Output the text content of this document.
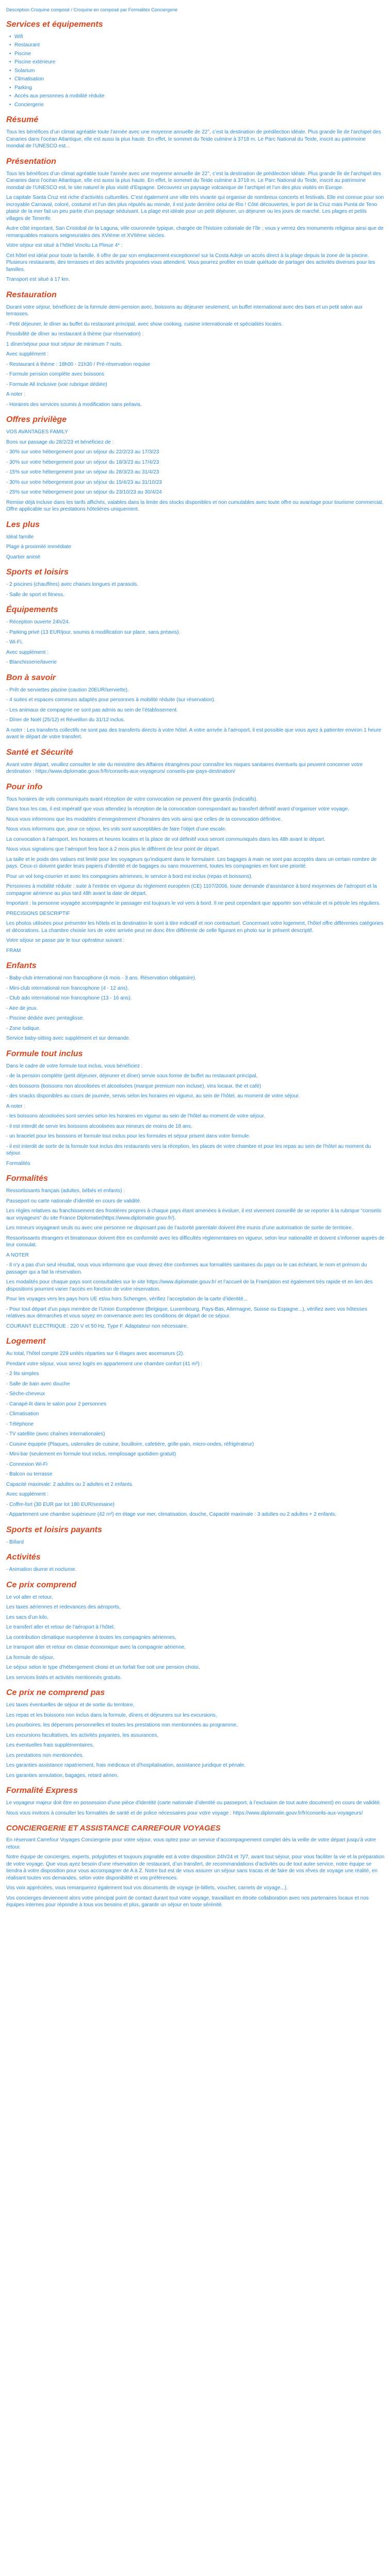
Description Croquine composé / Croquine en composé par Formalités Conciergerie
Services et équipements
• Wifi
• Restaurant
• Piscine
• Piscine extérieure
• Solarium
• Climatisation
• Parking
• Accès aux personnes à mobilité réduite
• Conciergerie
Résumé
Tous les bénéfices d’un climat agréable toute l’année avec une moyenne annuelle de 22°, c’est la destination de prédilection idéale. Plus grande île de l’archipel des Canaries dans l’océan Atlantique, elle est aussi la plus haute. En effet, le sommet du Teide culmine à 3718 m. Le Parc National du Teide, inscrit au patrimoine mondial de l’UNESCO est...
Présentation
Tous les bénéfices d’un climat agréable toute l’année avec une moyenne annuelle de 22°, c’est la destination de prédilection idéale. Plus grande île de l’archipel des Canaries dans l’océan Atlantique, elle est aussi la plus haute. En effet, le sommet du Teide culmine à 3718 m. Le Parc National du Teide, inscrit au patrimoine mondial de l’UNESCO est, le site naturel le plus visité d’Espagne. Découvrez un paysage volcanique de l’archipel et l’un des plus visités en Europe.
La capitale Santa Cruz est riche d’activités culturelles. C’est également une ville très vivante qui organise de nombreux concerts et festivals. Elle est connue pour son incroyable Carnaval, coloré, costumé et l’un des plus réputés au monde, il est juste derrière celui de Rio ! Côté découvertes, le port de la Cruz mais Punta de Teno plaisir de la mer fait un peu partie d’un paysage séduisant. La plage est idéale pour un petit déjeuner, un déjeuner ou les jours de marché. Les plages et petits villages de Tenerife.
Autre côté important, San Cristobal de la Laguna, ville couronnée typique, chargée de l’histoire coloniale de l’île ; vous y verrez des monuments religieux ainsi que de remarquables maisons seigneuriales des XVIème et XVIIème siècles.
Votre séjour est situé à l’hôtel Vincitu La Plinue 4* :
Cet hôtel est idéal pour toute la famille. Il offre de par son emplacement exceptionnel sur la Costa Adeje un accès direct à la plage depuis la zone de la piscine. Plusieurs restaurants, des terrasses et des activités proposées vous attendent. Vous pourrez profiter en toute quiétude de partager des activités diverses pour les familles.
Transport est situé à 17 km.
Restauration
Durant votre séjour, bénéficiez de la formule demi-pension avec, boissons au déjeuner seulement, un buffet international avec des bars et un petit salon aux terrasses.
- Petit déjeuner, le dîner au buffet du restaurant principal, avec show cooking, cuisine internationale et spécialités locales.
Possibilité de dîner au restaurant à thème (sur réservation) :
1 dîner/séjour pour tout séjour de minimum 7 nuits.
Avec supplément :
- Restaurant à thème : 18h00 - 21h30 / Pré-réservation requise
- Formule pension complète avec boissons
- Formule All Inclusive (voir rubrique dédiée)
A noter :
- Horaires des services soumis à modification sans préavis.
Offres privilège
VOS AVANTAGES FAMILY
Bons sur passage du 28/2/23 et bénéficiez de :
- 30% sur votre hébergement pour un séjour du 22/2/23 au 17/3/23
- 30% sur votre hébergement pour un séjour du 18/3/23 au 17/4/23
- 15% sur votre hébergement pour un séjour du 28/3/23 au 31/4/23
- 30% sur votre hébergement pour un séjour du 15/4/23 au 31/10/23
- 25% sur votre hébergement pour un séjour du 23/10/23 au 30/4/24
Remise déjà incluse dans les tarifs affichés, valables dans la limite des stocks disponibles et non cumulables avec toute offre ou avantage pour tourisme commercial. Offre applicable sur les prestations hôtelières uniquement.
Les plus
Idéal famille
Plage à proximité immédiate
Quartier animé
Sports et loisirs
- 2 piscines (chauffées) avec chaises longues et parasols.
- Salle de sport et fitness.
Équipements
- Réception ouverte 24h/24.
- Parking privé (13 EUR/jour, soumis à modification sur place, sans préavis).
- Wi-Fi.
Avec supplément :
- Blanchisserie/laverie
Bon à savoir
- Prêt de serviettes piscine (caution 20EUR/serviette).
- 4 suites et espaces communs adaptés pour personnes à mobilité réduite (sur réservation).
- Les animaux de compagnie ne sont pas admis au sein de l’établissement.
- Dîner de Noël (25/12) et Réveillon du 31/12 inclus.
A noter : Les transferts collectifs ne sont pas des transferts directs à votre hôtel. A votre arrivée à l’aéroport, il est possible que vous ayez à patienter environ 1 heure avant le départ de votre transfert.
Santé et Sécurité
Avant votre départ, veuillez consulter le site du ministère des Affaires étrangères pour connaître les risques sanitaires éventuels qui peuvent concerner votre destination : https://www.diplomatie.gouv.fr/fr/conseils-aux-voyageurs/ conseils-par-pays-destination/
Pour info
Tous horaires de vols communiqués avant réception de votre convocation ne peuvent être garantis (indicatifs).
Dans tous les cas, il est impératif que vous attendiez la réception de la convocation correspondant au transfert définitif avant d’organiser votre voyage.
Nous vous informons que les modalités d’enregistrement d’horaires des vols ainsi que celles de la convocation définitive.
Nous vous informons que, pour ce séjour, les vols sont susceptibles de faire l’objet d’une escale.
La convocation à l’aéroport, les horaires et heures locales et la place de vol définitif vous seront communiqués dans les 48h avant le départ.
Nous vous signalons que l’aéroport fera face à 2 mois plus le différent de leur point de départ.
La taille et le poids des valises est limité pour les voyageurs qu’indiquent dans le formulaire. Les bagages à main ne sont pas acceptés dans un certain nombre de pays. Ceux-ci doivent garder leurs papiers d’identité et de bagages ou sans mouvement, toutes les compagnies en font une priorité.
Pour un vol long-courrier et avec les compagnies aériennes, le service à bord est inclus (repas et boissons).
Personnes à mobilité réduite : suite à l’entrée en vigueur du règlement européen (CE) 1107/2006, toute demande d’assistance à bord moyennes de l’aéroport et la compagnie aérienne au plus tard 48h avant la date de départ.
Important : la personne voyagée accompagnée le passager est toujours le vol vers à bord. Il ne peut cependant que apporter son véhicule et ni pétrole les réguliers.
PRECISIONS DESCRIPTIF
Les photos utilisées pour présenter les hôtels et la destination le sont à titre indicatif et non contractuel. Concernant votre logement, l’hôtel offre différentes catégories et décorations. La chambre choisie lors de votre arrivée peut ne donc être différente de celle figurant en photo sur le présent descriptif.
Votre séjour se passe par le tour opérateur suivant :
FRAM
Enfants
- Baby-club international non francophone (4 mois - 3 ans. Réservation obligatoire).
- Mini-club international non francophone (4 - 12 ans).
- Club ado international non francophone (13 - 16 ans).
- Aire de jeux.
- Piscine dédiée avec pentaglisse.
- Zone ludique.
Service baby-sitting avec supplément et sur demande.
Formule tout inclus
Dans le cadre de votre formule tout inclus, vous bénéficiez :
- de la pension complète (petit déjeuner, déjeuner et dîner) servie sous forme de buffet au restaurant principal,
- des boissons (boissons non alcoolisées et alcoolisées (marque premium non incluse), vins locaux, thé et café)
- des snacks disponibles au cours de journée, servis selon les horaires en vigueur, au sein de l’hôtel, au moment de votre séjour.
A noter :
- les boissons alcoolisées sont servies selon les horaires en vigueur au sein de l’hôtel au moment de votre séjour.
- il est interdit de servir les boissons alcoolisées aux mineurs de moins de 18 ans.
- un bracelet pour les boissons et formule tout inclus pour les formules et séjour prisent dans votre formule.
- il est interdit de sortir de la formule tout inclus des restaurants vers la réception, les places de votre chambre et pour les repas au sein de l’hôtel au moment du séjour.
Formalités
Formalités
Ressortissants français (adultes, bébés et enfants) :
Passeport ou carte nationale d’identité en cours de validité.
Les règles relatives au franchissement des frontières propres à chaque pays étant amenées à évoluer, il est vivement conseillé de se reporter à la rubrique “conseils aux voyageurs” du site France Diplomatie(https://www.diplomatie.gouv.fr/).
Les mineurs voyageant seuls ou avec une personne ne disposant pas de l’autorité parentale doivent être munis d’une autorisation de sortie de territoire.
Ressortissants étrangers et binationaux doivent être en conformité avec les difficultés réglementaires en vigueur, selon leur nationalité et doivent s’informer auprès de leur consulat.
A NOTER
- Il n’y a pas d’un seul résultat, nous vous informons que vous devez être conformes aux formalités sanitaires du pays ou le cas échéant, le nom et prénom du passager qui a fait la réservation.
Les modalités pour chaque pays sont consultables sur le site https://www.diplomatie.gouv.fr/ et l’accueil de la Fram(ation est également très rapide et en lien des dispositions pourront varier l’accès en fonction de votre réservation.
Pour les voyages vers les pays hors UE et/ou hors Schengen, vérifiez l’acceptation de la carte d’identité...
- Pour tout départ d’un pays membre de l’Union Européenne (Belgique, Luxembourg, Pays-Bas, Allemagne, Suisse ou Espagne...), vérifiez avec vos hôtesses relatives aux démarches et vous soyez en convenance avec les conditions de départ de ce séjour.
COURANT ELECTRIQUE : 220 V et 50 Hz. Type F. Adaptateur non nécessaire.
Logement
Au total, l’hôtel compte 229 unités réparties sur 6 étages avec ascenseurs (2).
Pendant votre séjour, vous serez logés en appartement une chambre confort (41 m²) :
- 2 lits simples
- Salle de bain avec douche
- Sèche-cheveux
- Canapé-lit dans le salon pour 2 personnes
- Climatisation
- Téléphone
- TV satellite (avec chaînes internationales)
- Cuisine équipée (Plaques, ustensiles de cuisine, bouilloire, cafetière, grille-pain, micro-ondes, réfrigérateur)
- Mini-bar (seulement en formule tout inclus, remplissage quotidien gratuit)
- Connexion Wi-Fi
- Balcon ou terrasse
Capacité maximale: 2 adultes ou 2 adultes et 2 enfants.
Avec supplément :
- Coffre-fort (30 EUR par lot 180 EUR/semaine)
- Appartement une chambre supérieure (42 m²) en étage vue mer, climatisation, douche, Capacité maximale : 3 adultes ou 2 adultes + 2 enfants.
Sports et loisirs payants
- Billard
Activités
- Animation diurne et nocturne.
Ce prix comprend
Le vol aller et retour,
Les taxes aériennes et redevances des aéroports,
Les sacs d’un kilo,
Le transfert aller et retour de l’aéroport à l’hôtel,
La contribution climatique européenne à toutes les compagnies aériennes,
Le transport aller et retour en classe économique avec la compagnie aérienne,
La formule de séjour,
Le séjour selon le type d’hébergement choisi et un forfait fixe soit une pension choisi,
Les services listés et activités mentionnés gratuits.
Ce prix ne comprend pas
Les taxes éventuelles de séjour et de sortie du territoire,
Les repas et les boissons non inclus dans la formule, dîners et déjeuners sur les excursions,
Les pourboires, les dépenses personnelles et toutes les prestations non mentionnées au programme,
Les excursions facultatives, les activités payantes, les assurances,
Les éventuelles frais supplémentaires,
Les prestations non mentionnées.
Les garanties assistance rapatriement, frais médicaux et d’hospitalisation, assistance juridique et pénale.
Les garanties annulation, bagages, retard aérien.
Formalité Express
Le voyageur majeur doit être en possession d’une pièce d’identité (carte nationale d’identité ou passeport, à l’exclusion de tout autre document) en cours de validité.
Nous vous invitons à consulter les formalités de santé et de police nécessaires pour votre voyage : https://www.diplomatie.gouv.fr/fr/conseils-aux-voyageurs/
CONCIERGERIE ET ASSISTANCE CARREFOUR VOYAGES
En réservant Carrefour Voyages Conciergerie pour votre séjour, vous optez pour un service d’accompagnement complet dès la veille de votre départ jusqu’à votre retour.
Notre équipe de concierges, experts, polyglottes et toujours joignable est à votre disposition 24h/24 et 7j/7, avant tout séjour, pour vous faciliter la vie et la préparation de votre voyage. Que vous ayez besoin d’une réservation de restaurant, d’un transfert, de recommandations d’activités ou de tout autre service, notre équipe se tiendra à votre disposition pour vous accompagner de A à Z. Notre but est de vous assurer un séjour sans tracas et de faire de vos rêves de voyage une réalité, en réalisant toutes vos demandes, selon votre disponibilité et vos préférences.
Vos voix appréciées, vous remarquerez également tout vos documents de voyage (e-billets, voucher, carnets de voyage...).
Vos concierges deviennent alors votre principal point de contact durant tout votre voyage, travaillant en étroite collaboration avec nos partenaires locaux et nos équipes internes pour répondre à tous vos besoins et plus, garantir un séjour en toute sérénité.
